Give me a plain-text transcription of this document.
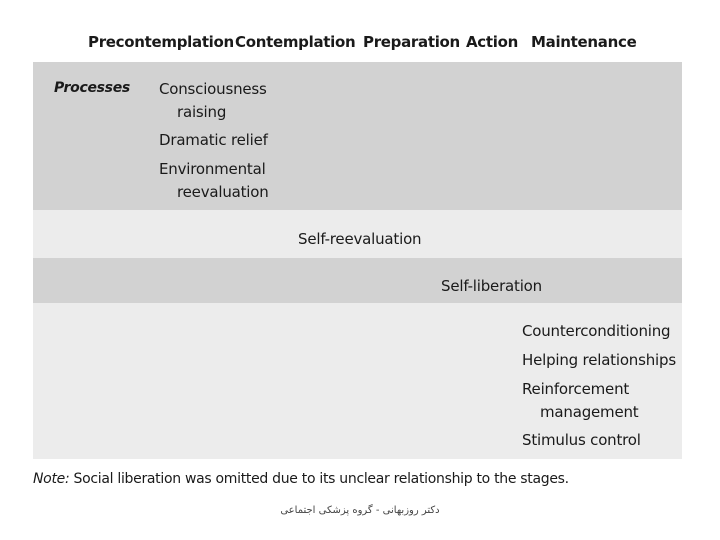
Precontemplation Contemplation Preparation Action Maintenance
Processes Consciousness
raising
Dramatic relief
Environmental
reevaluation
Self-reevaluation
Self-liberation
Counterconditioning
Helping relationships
Reinforcement
management
Stimulus control
Note: Social liberation was omitted due to its unclear relationship to the stages.
دکتر روزبهانی - گروه پزشکی اجتماعی
